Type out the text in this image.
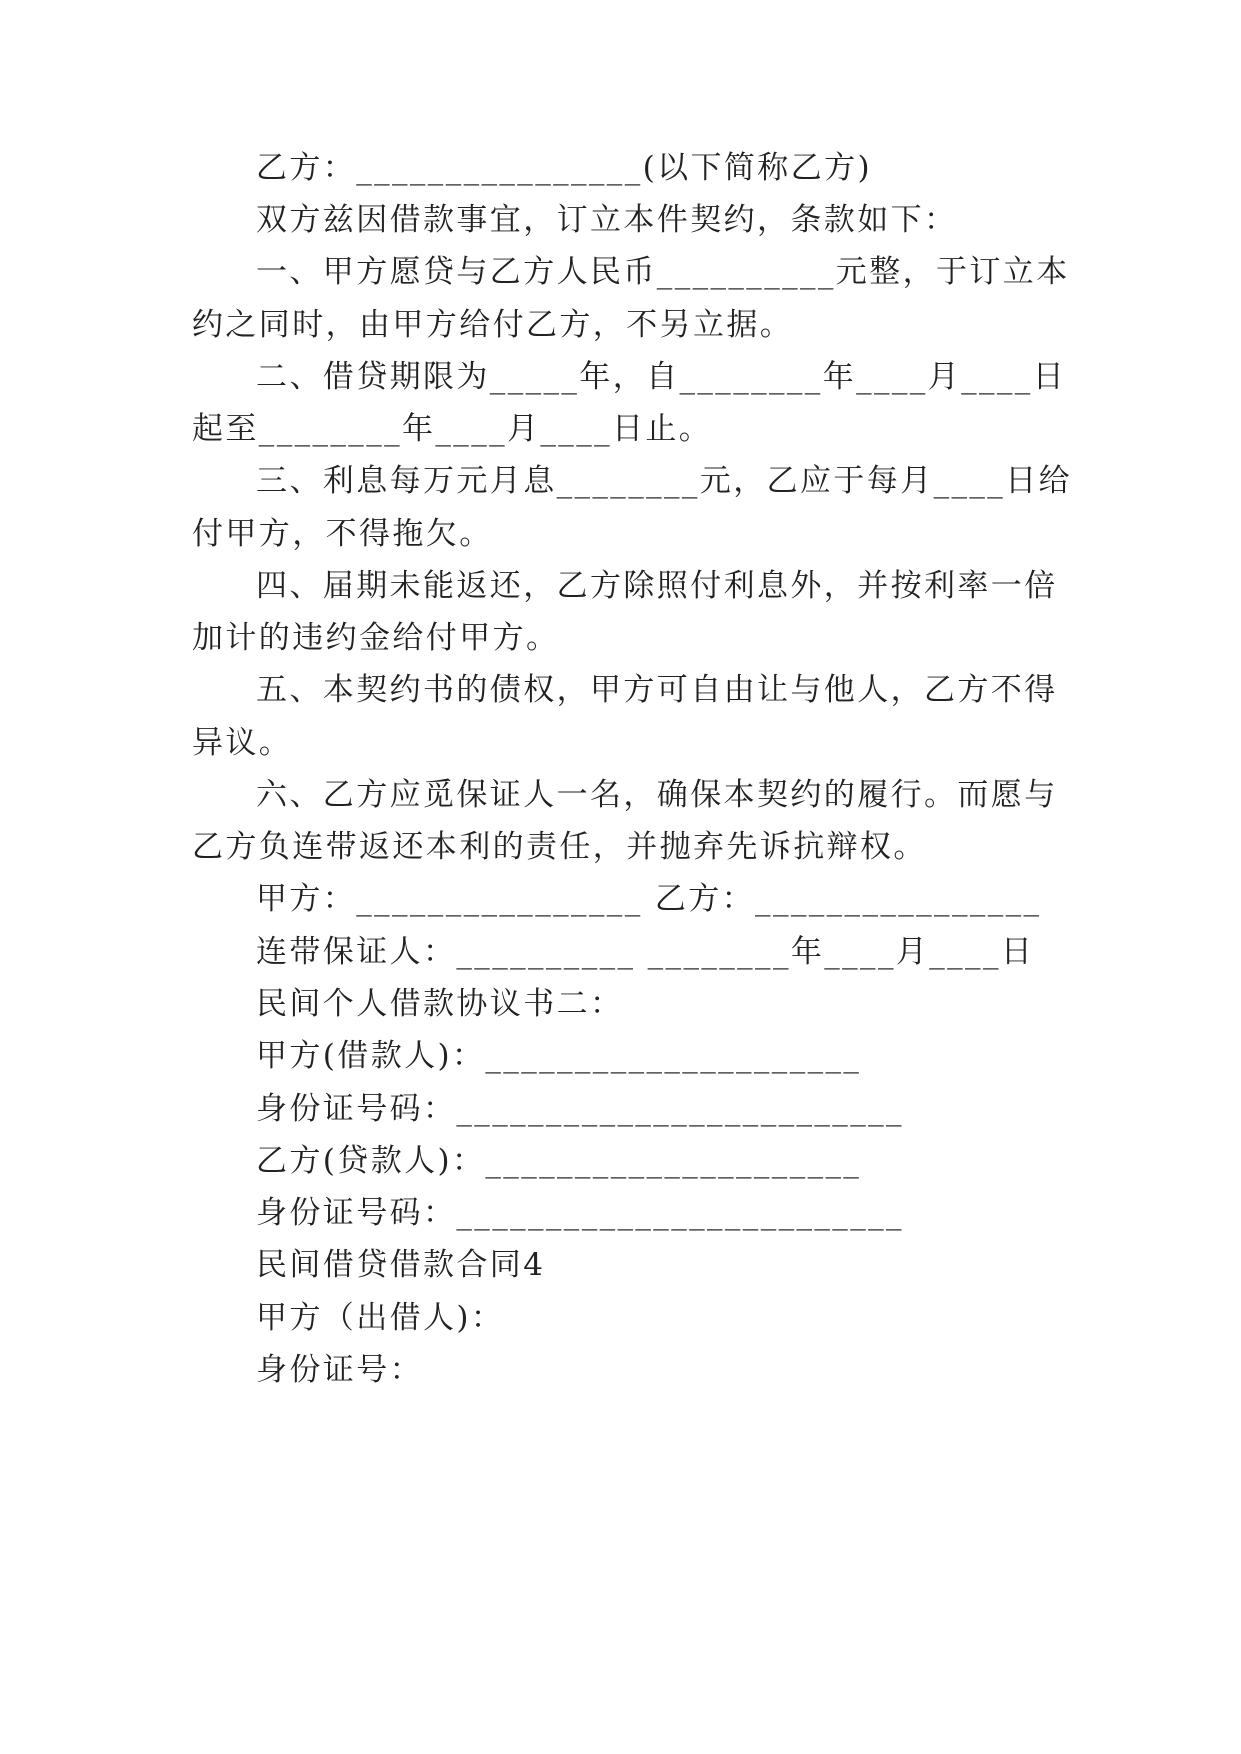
乙方：________________(以下简称乙方)
双方兹因借款事宜，订立本件契约，条款如下：
一、甲方愿贷与乙方人民币__________元整，于订立本
约之同时，由甲方给付乙方，不另立据。
二、借贷期限为_____年，自________年____月____日
起至________年____月____日止。
三、利息每万元月息________元，乙应于每月____日给
付甲方，不得拖欠。
四、届期未能返还，乙方除照付利息外，并按利率一倍
加计的违约金给付甲方。
五、本契约书的债权，甲方可自由让与他人，乙方不得
异议。
六、乙方应觅保证人一名，确保本契约的履行。而愿与
乙方负连带返还本利的责任，并抛弃先诉抗辩权。
甲方：________________ 乙方：________________
连带保证人：__________ ________年____月____日
民间个人借款协议书二：
甲方(借款人)：_____________________
身份证号码：_________________________
乙方(贷款人)：_____________________
身份证号码：_________________________
民间借贷借款合同4
甲方（出借人)：
身份证号：
